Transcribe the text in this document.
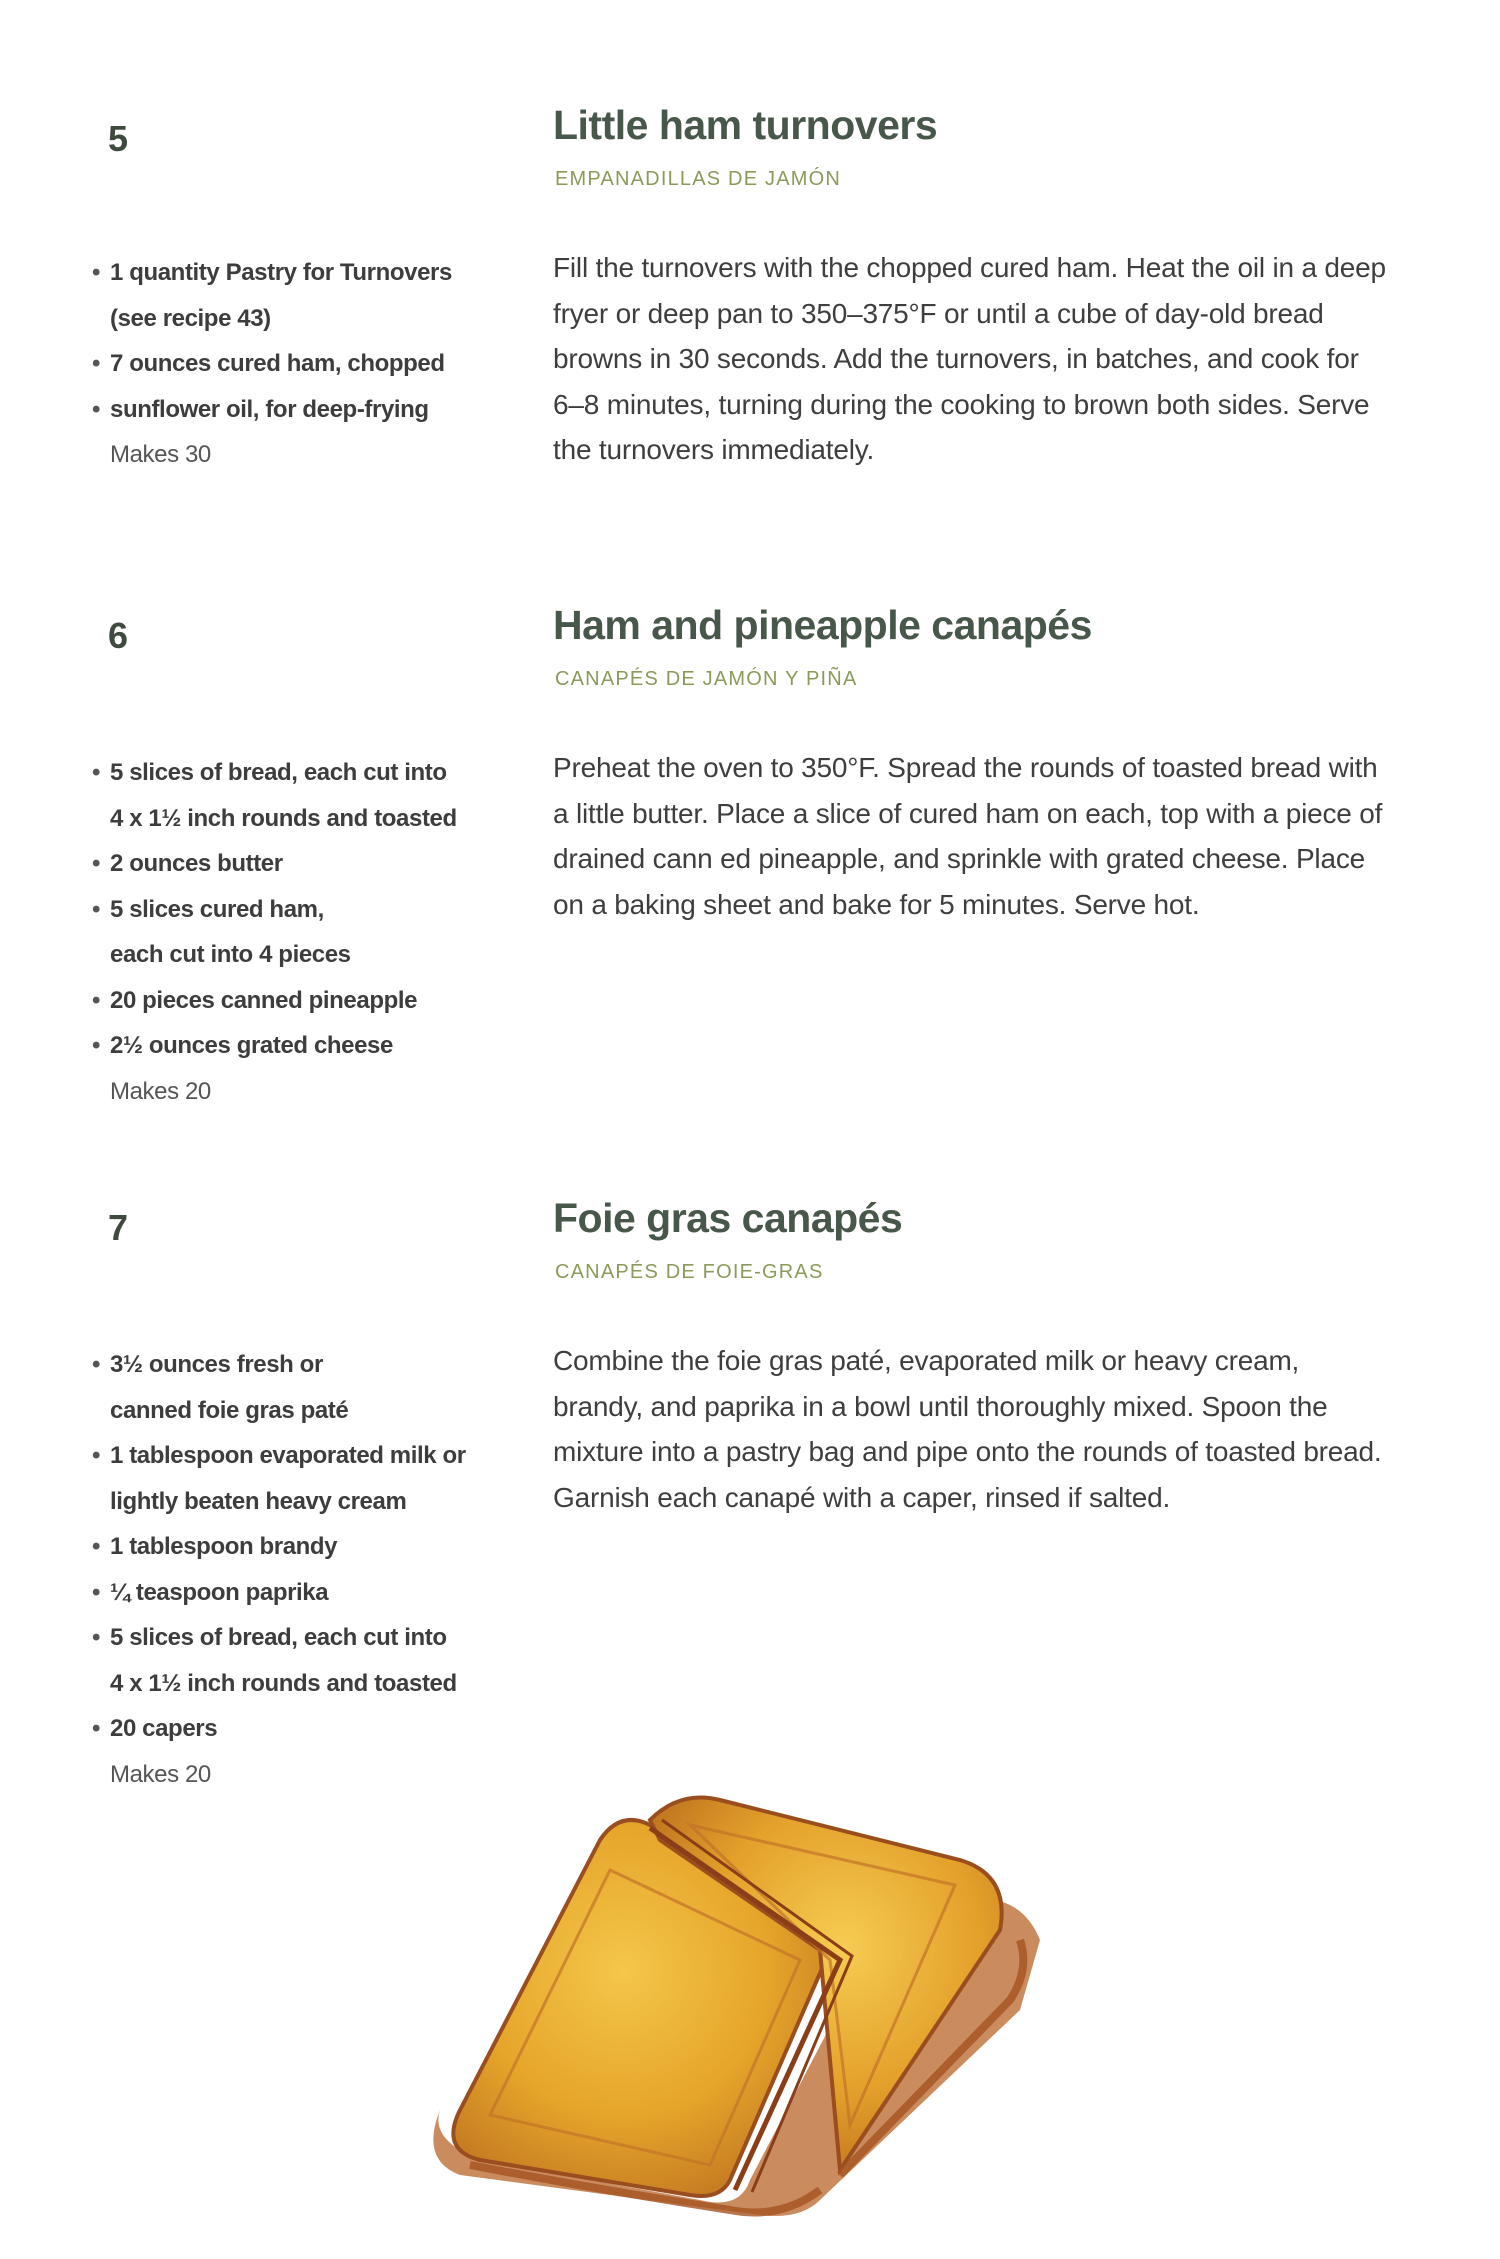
5	Little ham turnovers
EMPANADILLAS DE JAMÓN
• 1 quantity Pastry for Turnovers
(see recipe 43)
• 7 ounces cured ham, chopped
• sunflower oil, for deep-frying
Makes 30

Fill the turnovers with the chopped cured ham. Heat the oil in a deep fryer or deep pan to 350–375°F or until a cube of day-old bread browns in 30 seconds. Add the turnovers, in batches, and cook for 6–8 minutes, turning during the cooking to brown both sides. Serve the turnovers immediately.

6	Ham and pineapple canapés
CANAPÉS DE JAMÓN Y PIÑA
• 5 slices of bread, each cut into
4 x 1½ inch rounds and toasted
• 2 ounces butter
• 5 slices cured ham,
each cut into 4 pieces
• 20 pieces canned pineapple
• 2½ ounces grated cheese
Makes 20

Preheat the oven to 350°F. Spread the rounds of toasted bread with a little butter. Place a slice of cured ham on each, top with a piece of drained cann ed pineapple, and sprinkle with grated cheese. Place on a baking sheet and bake for 5 minutes. Serve hot.

7	Foie gras canapés
CANAPÉS DE FOIE-GRAS
• 3½ ounces fresh or
canned foie gras paté
• 1 tablespoon evaporated milk or
lightly beaten heavy cream
• 1 tablespoon brandy
• ¼ teaspoon paprika
• 5 slices of bread, each cut into
4 x 1½ inch rounds and toasted
• 20 capers
Makes 20

Combine the foie gras paté, evaporated milk or heavy cream, brandy, and paprika in a bowl until thoroughly mixed. Spoon the mixture into a pastry bag and pipe onto the rounds of toasted bread. Garnish each canapé with a caper, rinsed if salted.
